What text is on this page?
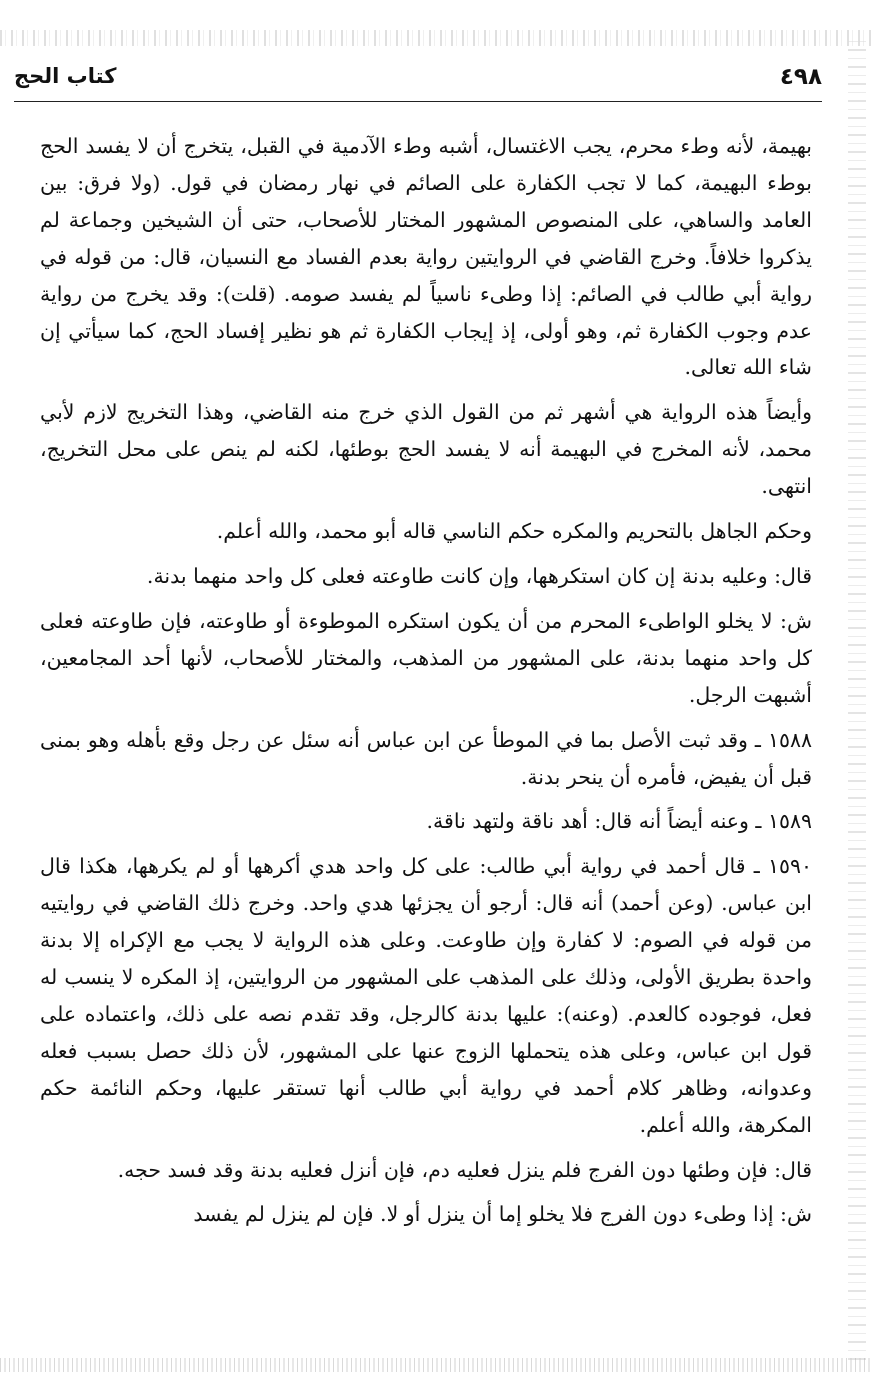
٤٩٨
كتاب الحج

بهيمة، لأنه وطء محرم، يجب الاغتسال، أشبه وطء الآدمية في القبل، يتخرج أن لا يفسد الحج بوطء البهيمة، كما لا تجب الكفارة على الصائم في نهار رمضان في قول. (ولا فرق: بين العامد والساهي، على المنصوص المشهور المختار للأصحاب، حتى أن الشيخين وجماعة لم يذكروا خلافاً. وخرج القاضي في الروايتين رواية بعدم الفساد مع النسيان، قال: من قوله في رواية أبي طالب في الصائم: إذا وطىء ناسياً لم يفسد صومه. (قلت): وقد يخرج من رواية عدم وجوب الكفارة ثم، وهو أولى، إذ إيجاب الكفارة ثم هو نظير إفساد الحج، كما سيأتي إن شاء الله تعالى.

وأيضاً هذه الرواية هي أشهر ثم من القول الذي خرج منه القاضي، وهذا التخريج لازم لأبي محمد، لأنه المخرج في البهيمة أنه لا يفسد الحج بوطئها، لكنه لم ينص على محل التخريج، انتهى.

وحكم الجاهل بالتحريم والمكره حكم الناسي قاله أبو محمد، والله أعلم.

قال: وعليه بدنة إن كان استكرهها، وإن كانت طاوعته فعلى كل واحد منهما بدنة.

ش: لا يخلو الواطىء المحرم من أن يكون استكره الموطوءة أو طاوعته، فإن طاوعته فعلى كل واحد منهما بدنة، على المشهور من المذهب، والمختار للأصحاب، لأنها أحد المجامعين، أشبهت الرجل.

١٥٨٨ ـ وقد ثبت الأصل بما في الموطأ عن ابن عباس أنه سئل عن رجل وقع بأهله وهو بمنى قبل أن يفيض، فأمره أن ينحر بدنة.

١٥٨٩ ـ وعنه أيضاً أنه قال: أهد ناقة ولتهد ناقة.

١٥٩٠ ـ قال أحمد في رواية أبي طالب: على كل واحد هدي أكرهها أو لم يكرهها، هكذا قال ابن عباس. (وعن أحمد) أنه قال: أرجو أن يجزئها هدي واحد. وخرج ذلك القاضي في روايتيه من قوله في الصوم: لا كفارة وإن طاوعت. وعلى هذه الرواية لا يجب مع الإكراه إلا بدنة واحدة بطريق الأولى، وذلك على المذهب على المشهور من الروايتين، إذ المكره لا ينسب له فعل، فوجوده كالعدم. (وعنه): عليها بدنة كالرجل، وقد تقدم نصه على ذلك، واعتماده على قول ابن عباس، وعلى هذه يتحملها الزوج عنها على المشهور، لأن ذلك حصل بسبب فعله وعدوانه، وظاهر كلام أحمد في رواية أبي طالب أنها تستقر عليها، وحكم النائمة حكم المكرهة، والله أعلم.

قال: فإن وطئها دون الفرج فلم ينزل فعليه دم، فإن أنزل فعليه بدنة وقد فسد حجه.

ش: إذا وطىء دون الفرج فلا يخلو إما أن ينزل أو لا. فإن لم ينزل لم يفسد
